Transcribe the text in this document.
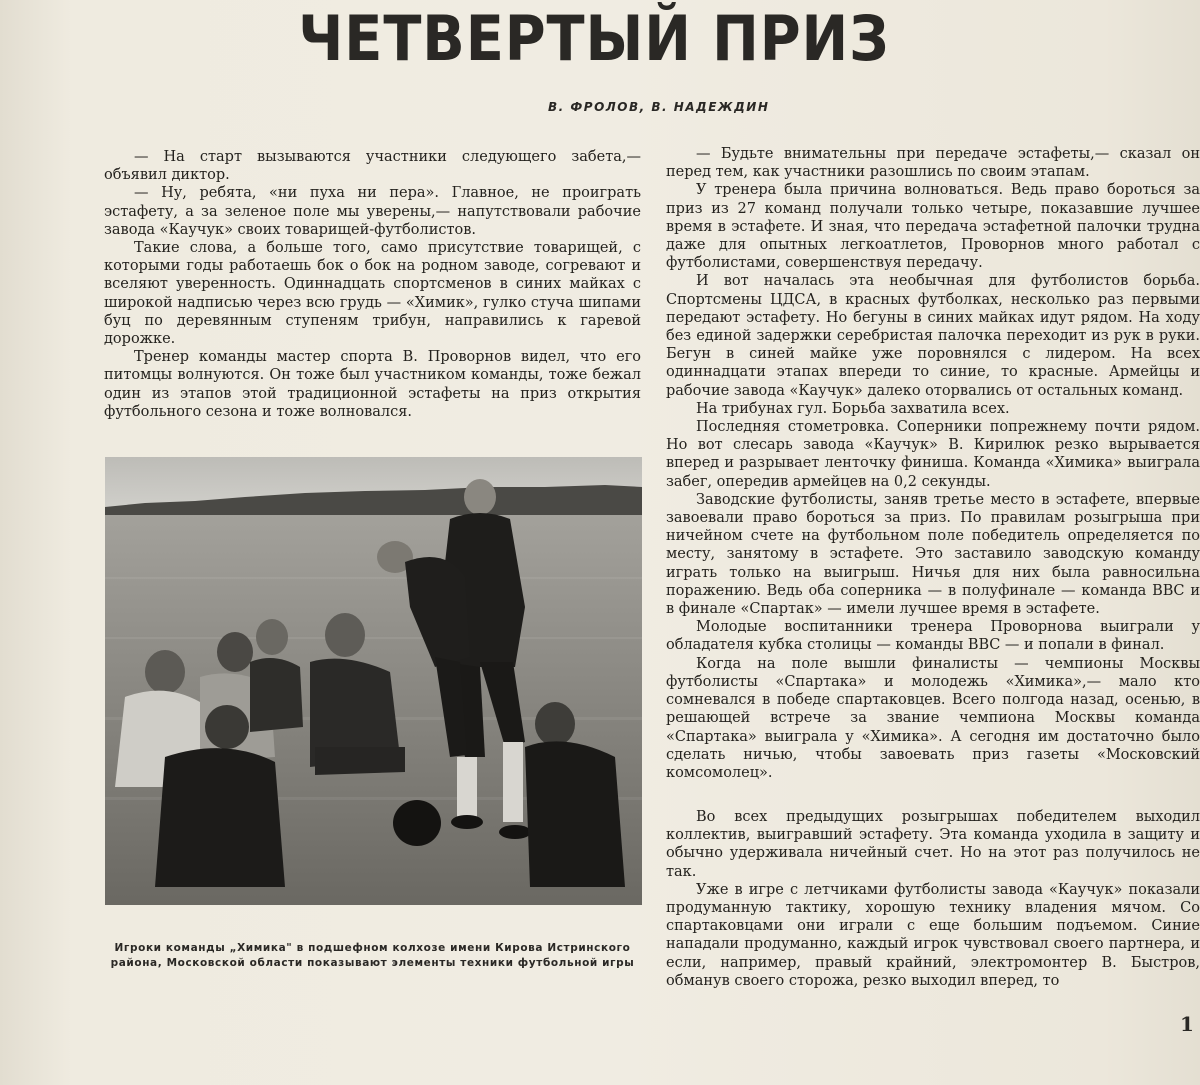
ЧЕТВЕРТЫЙ ПРИЗ
В. ФРОЛОВ, В. НАДЕЖДИН

— На старт вызываются участники следующего забета,— объявил диктор.

— Ну, ребята, «ни пуха ни пера». Главное, не проиграть эстафету, а за зеленое поле мы уверены,— напутствовали рабочие завода «Каучук» своих товарищей-футболистов.

Такие слова, а больше того, само присутствие товарищей, с которыми годы работаешь бок о бок на родном заводе, согревают и вселяют уверенность. Одиннадцать спортсменов в синих майках с широкой надписью через всю грудь — «Химик», гулко стуча шипами буц по деревянным ступеням трибун, направились к гаревой дорожке.

Тренер команды мастер спорта В. Проворнов видел, что его питомцы волнуются. Он тоже был участником команды, тоже бежал один из этапов этой традиционной эстафеты на приз открытия футбольного сезона и тоже волновался.

Игроки команды „Химика" в подшефном колхозе имени Кирова Истринского района, Московской области показывают элементы техники футбольной игры

— Будьте внимательны при передаче эстафеты,— сказал он перед тем, как участники разошлись по своим этапам.

У тренера была причина волноваться. Ведь право бороться за приз из 27 команд получали только четыре, показавшие лучшее время в эстафете. И зная, что передача эстафетной палочки трудна даже для опытных легкоатлетов, Проворнов много работал с футболистами, совершенствуя передачу.

И вот началась эта необычная для футболистов борьба. Спортсмены ЦДСА, в красных футболках, несколько раз первыми передают эстафету. Но бегуны в синих майках идут рядом. На ходу без единой задержки серебристая палочка переходит из рук в руки. Бегун в синей майке уже поровнялся с лидером. На всех одиннадцати этапах впереди то синие, то красные. Армейцы и рабочие завода «Каучук» далеко оторвались от остальных команд.

На трибунах гул. Борьба захватила всех.

Последняя стометровка. Соперники попрежнему почти рядом. Но вот слесарь завода «Каучук» В. Кирилюк резко вырывается вперед и разрывает ленточку финиша. Команда «Химика» выиграла забег, опередив армейцев на 0,2 секунды.

Заводские футболисты, заняв третье место в эстафете, впервые завоевали право бороться за приз. По правилам розыгрыша при ничейном счете на футбольном поле победитель определяется по месту, занятому в эстафете. Это заставило заводскую команду играть только на выигрыш. Ничья для них была равносильна поражению. Ведь оба соперника — в полуфинале — команда ВВС и в финале «Спартак» — имели лучшее время в эстафете.

Молодые воспитанники тренера Проворнова выиграли у обладателя кубка столицы — команды ВВС — и попали в финал.

Когда на поле вышли финалисты — чемпионы Москвы футболисты «Спартака» и молодежь «Химика»,— мало кто сомневался в победе спартаковцев. Всего полгода назад, осенью, в решающей встрече за звание чемпиона Москвы команда «Спартака» выиграла у «Химика». А сегодня им достаточно было сделать ничью, чтобы завоевать приз газеты «Московский комсомолец».

Во всех предыдущих розыгрышах победителем выходил коллектив, выигравший эстафету. Эта команда уходила в защиту и обычно удерживала ничейный счет. Но на этот раз получилось не так.

Уже в игре с летчиками футболисты завода «Каучук» показали продуманную тактику, хорошую технику владения мячом. Со спартаковцами они играли с еще большим подъемом. Синие нападали продуманно, каждый игрок чувствовал своего партнера, и если, например, правый крайний, электромонтер В. Быстров, обманув своего сторожа, резко выходил вперед, то

1
